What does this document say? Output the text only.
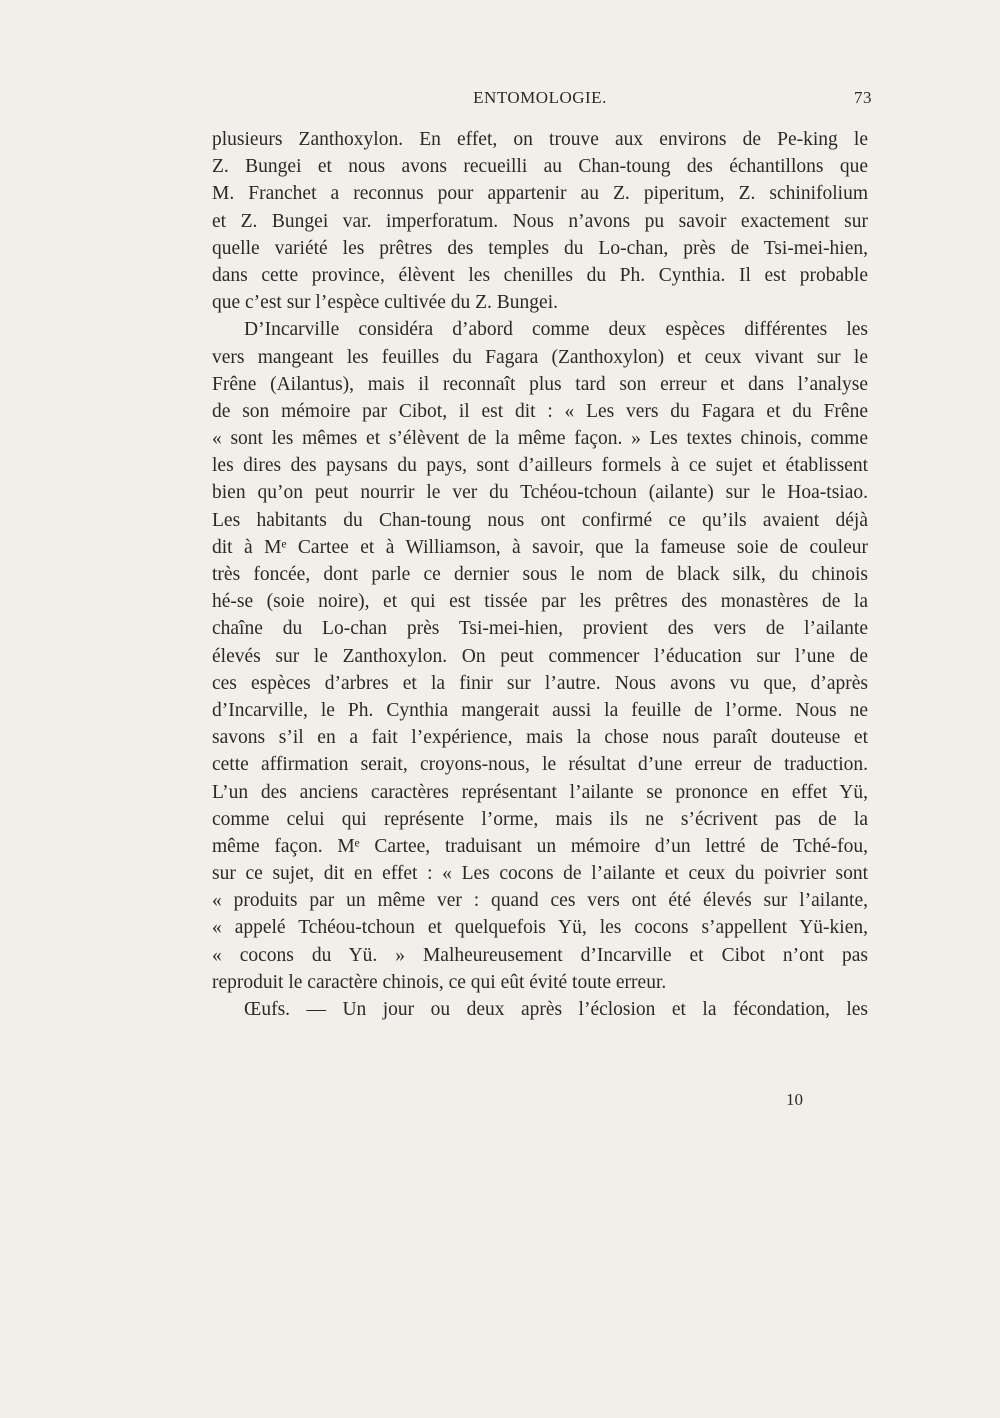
ENTOMOLOGIE.	73
plusieurs Zanthoxylon. En effet, on trouve aux environs de Pe-king le
Z. Bungei et nous avons recueilli au Chan-toung des échantillons que
M. Franchet a reconnus pour appartenir au Z. piperitum, Z. schinifolium
et Z. Bungei var. imperforatum. Nous n’avons pu savoir exactement sur
quelle variété les prêtres des temples du Lo-chan, près de Tsi-mei-hien,
dans cette province, élèvent les chenilles du Ph. Cynthia. Il est probable
que c’est sur l’espèce cultivée du Z. Bungei.
D’Incarville considéra d’abord comme deux espèces différentes les
vers mangeant les feuilles du Fagara (Zanthoxylon) et ceux vivant sur le
Frêne (Ailantus), mais il reconnaît plus tard son erreur et dans l’analyse
de son mémoire par Cibot, il est dit : « Les vers du Fagara et du Frêne
« sont les mêmes et s’élèvent de la même façon. » Les textes chinois, comme
les dires des paysans du pays, sont d’ailleurs formels à ce sujet et établissent
bien qu’on peut nourrir le ver du Tchéou-tchoun (ailante) sur le Hoa-tsiao.
Les habitants du Chan-toung nous ont confirmé ce qu’ils avaient déjà
dit à Mᵉ Cartee et à Williamson, à savoir, que la fameuse soie de couleur
très foncée, dont parle ce dernier sous le nom de black silk, du chinois
hé-se (soie noire), et qui est tissée par les prêtres des monastères de la
chaîne du Lo-chan près Tsi-mei-hien, provient des vers de l’ailante
élevés sur le Zanthoxylon. On peut commencer l’éducation sur l’une de
ces espèces d’arbres et la finir sur l’autre. Nous avons vu que, d’après
d’Incarville, le Ph. Cynthia mangerait aussi la feuille de l’orme. Nous ne
savons s’il en a fait l’expérience, mais la chose nous paraît douteuse et
cette affirmation serait, croyons-nous, le résultat d’une erreur de traduction.
L’un des anciens caractères représentant l’ailante se prononce en effet Yü,
comme celui qui représente l’orme, mais ils ne s’écrivent pas de la
même façon. Mᵉ Cartee, traduisant un mémoire d’un lettré de Tché-fou,
sur ce sujet, dit en effet : « Les cocons de l’ailante et ceux du poivrier sont
« produits par un même ver : quand ces vers ont été élevés sur l’ailante,
« appelé Tchéou-tchoun et quelquefois Yü, les cocons s’appellent Yü-kien,
« cocons du Yü. » Malheureusement d’Incarville et Cibot n’ont pas
reproduit le caractère chinois, ce qui eût évité toute erreur.
Œufs. — Un jour ou deux après l’éclosion et la fécondation, les
10
